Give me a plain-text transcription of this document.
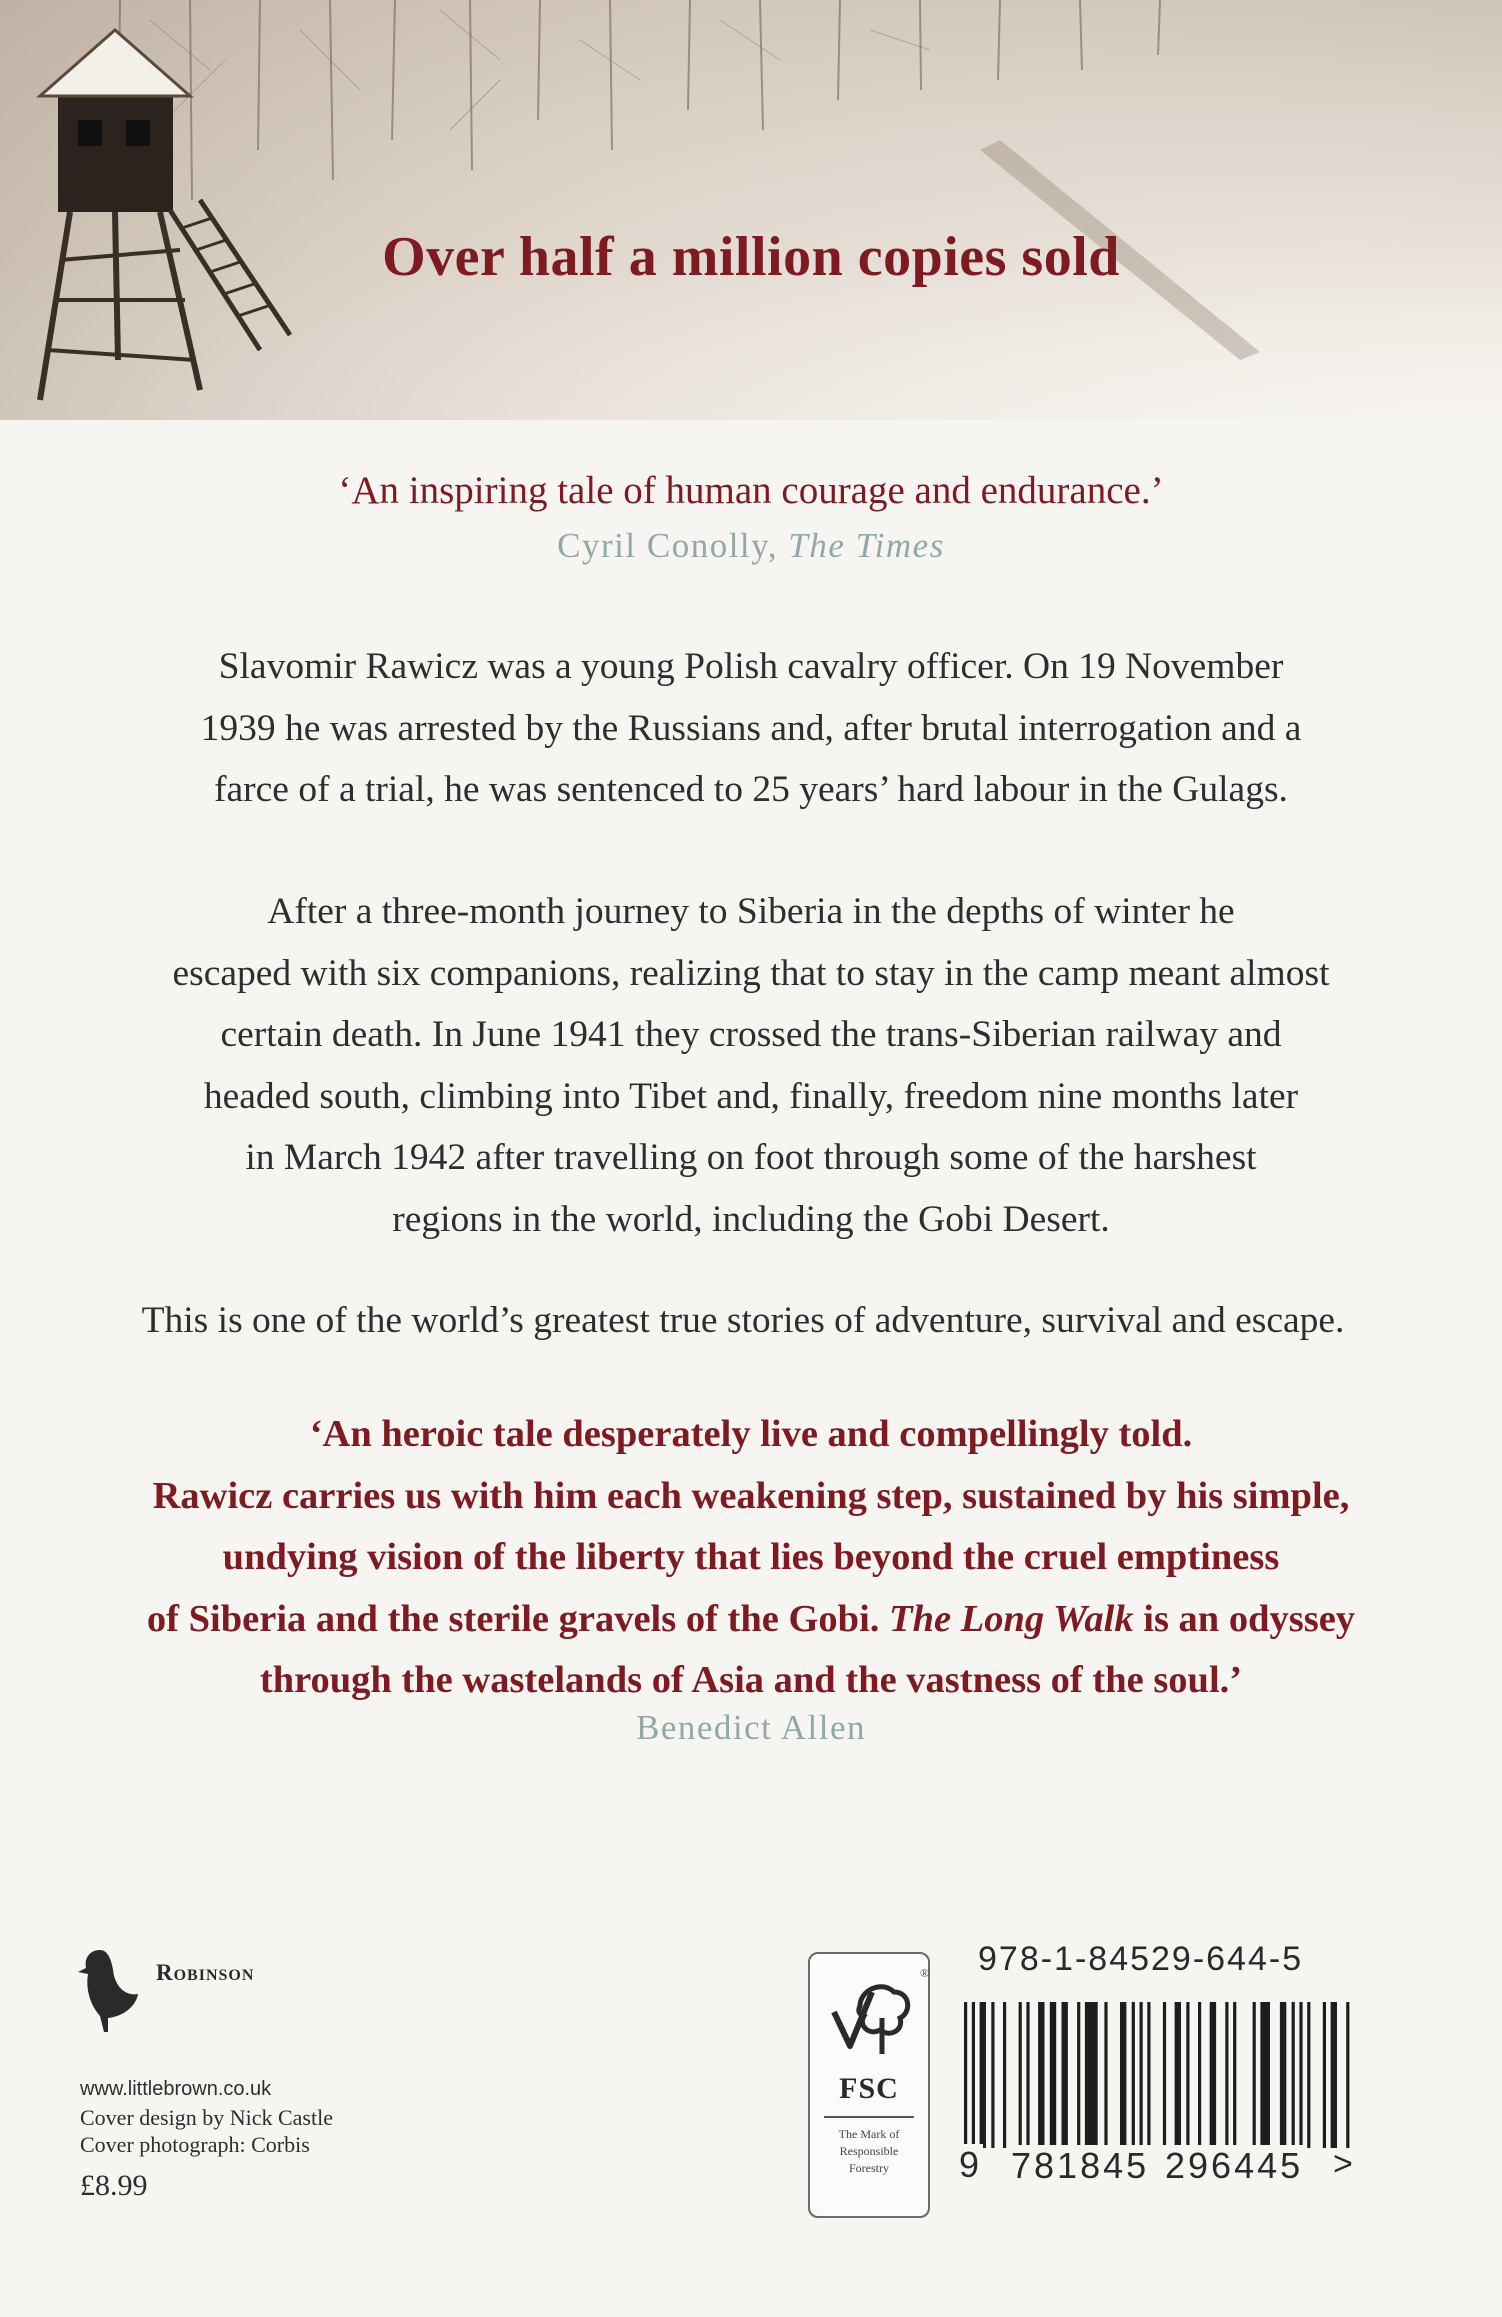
Over half a million copies sold
‘An inspiring tale of human courage and endurance.’
Cyril Conolly, The Times
Slavomir Rawicz was a young Polish cavalry officer. On 19 November
1939 he was arrested by the Russians and, after brutal interrogation and a
farce of a trial, he was sentenced to 25 years’ hard labour in the Gulags.
After a three-month journey to Siberia in the depths of winter he
escaped with six companions, realizing that to stay in the camp meant almost
certain death. In June 1941 they crossed the trans-Siberian railway and
headed south, climbing into Tibet and, finally, freedom nine months later
in March 1942 after travelling on foot through some of the harshest
regions in the world, including the Gobi Desert.
This is one of the world’s greatest true stories of adventure, survival and escape.
‘An heroic tale desperately live and compellingly told.
Rawicz carries us with him each weakening step, sustained by his simple,
undying vision of the liberty that lies beyond the cruel emptiness
of Siberia and the sterile gravels of the Gobi. The Long Walk is an odyssey
through the wastelands of Asia and the vastness of the soul.’
Benedict Allen
Robinson
www.littlebrown.co.uk
Cover design by Nick Castle
Cover photograph: Corbis
£8.99
FSC
The Mark of
Responsible
Forestry
® 978-1-84529-644-5
9 781845 296445 >
